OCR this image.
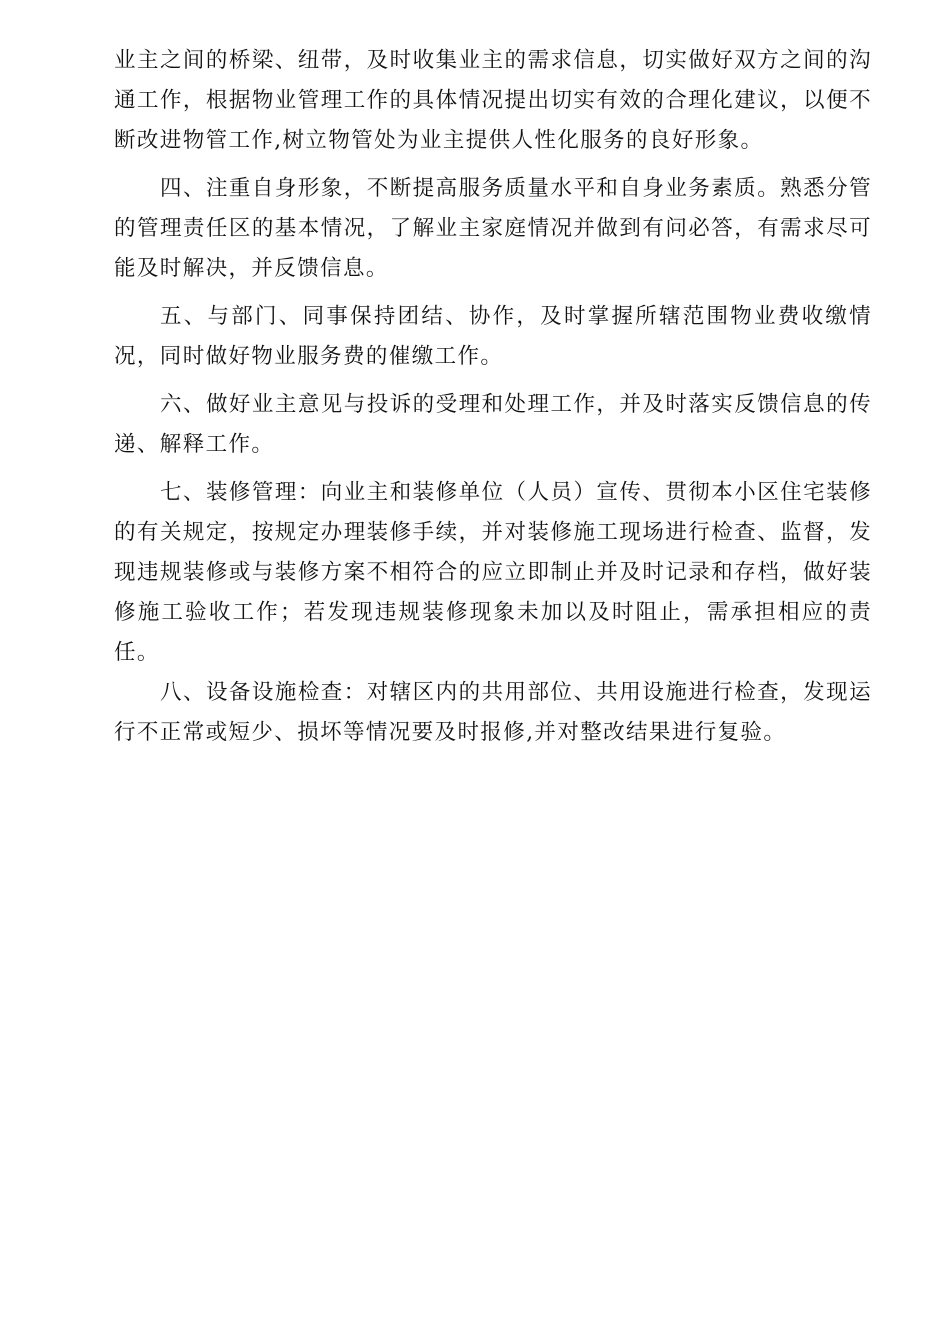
业主之间的桥梁、纽带，及时收集业主的需求信息，切实做好双方之间的沟通工作，根据物业管理工作的具体情况提出切实有效的合理化建议，以便不断改进物管工作,树立物管处为业主提供人性化服务的良好形象。

四、注重自身形象，不断提高服务质量水平和自身业务素质。熟悉分管的管理责任区的基本情况，了解业主家庭情况并做到有问必答，有需求尽可能及时解决，并反馈信息。

五、与部门、同事保持团结、协作，及时掌握所辖范围物业费收缴情况，同时做好物业服务费的催缴工作。

六、做好业主意见与投诉的受理和处理工作，并及时落实反馈信息的传递、解释工作。

七、装修管理：向业主和装修单位（人员）宣传、贯彻本小区住宅装修的有关规定，按规定办理装修手续，并对装修施工现场进行检查、监督，发现违规装修或与装修方案不相符合的应立即制止并及时记录和存档，做好装修施工验收工作；若发现违规装修现象未加以及时阻止，需承担相应的责任。

八、设备设施检查：对辖区内的共用部位、共用设施进行检查，发现运行不正常或短少、损坏等情况要及时报修,并对整改结果进行复验。
